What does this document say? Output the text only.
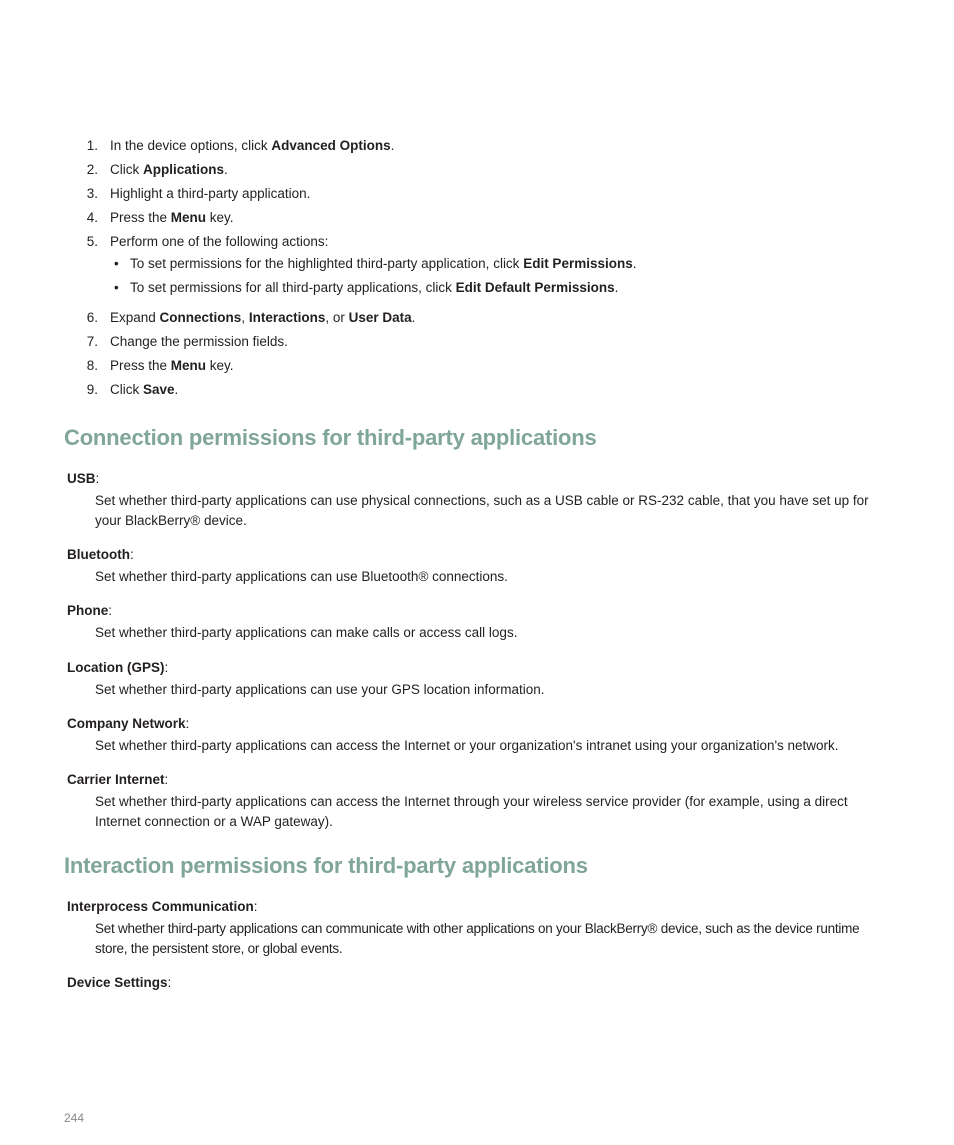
1. In the device options, click Advanced Options.
2. Click Applications.
3. Highlight a third-party application.
4. Press the Menu key.
5. Perform one of the following actions:
• To set permissions for the highlighted third-party application, click Edit Permissions.
• To set permissions for all third-party applications, click Edit Default Permissions.
6. Expand Connections, Interactions, or User Data.
7. Change the permission fields.
8. Press the Menu key.
9. Click Save.
Connection permissions for third-party applications
USB:
Set whether third-party applications can use physical connections, such as a USB cable or RS-232 cable, that you have set up for your BlackBerry® device.
Bluetooth:
Set whether third-party applications can use Bluetooth® connections.
Phone:
Set whether third-party applications can make calls or access call logs.
Location (GPS):
Set whether third-party applications can use your GPS location information.
Company Network:
Set whether third-party applications can access the Internet or your organization's intranet using your organization's network.
Carrier Internet:
Set whether third-party applications can access the Internet through your wireless service provider (for example, using a direct Internet connection or a WAP gateway).
Interaction permissions for third-party applications
Interprocess Communication:
Set whether third-party applications can communicate with other applications on your BlackBerry® device, such as the device runtime store, the persistent store, or global events.
Device Settings:
244
